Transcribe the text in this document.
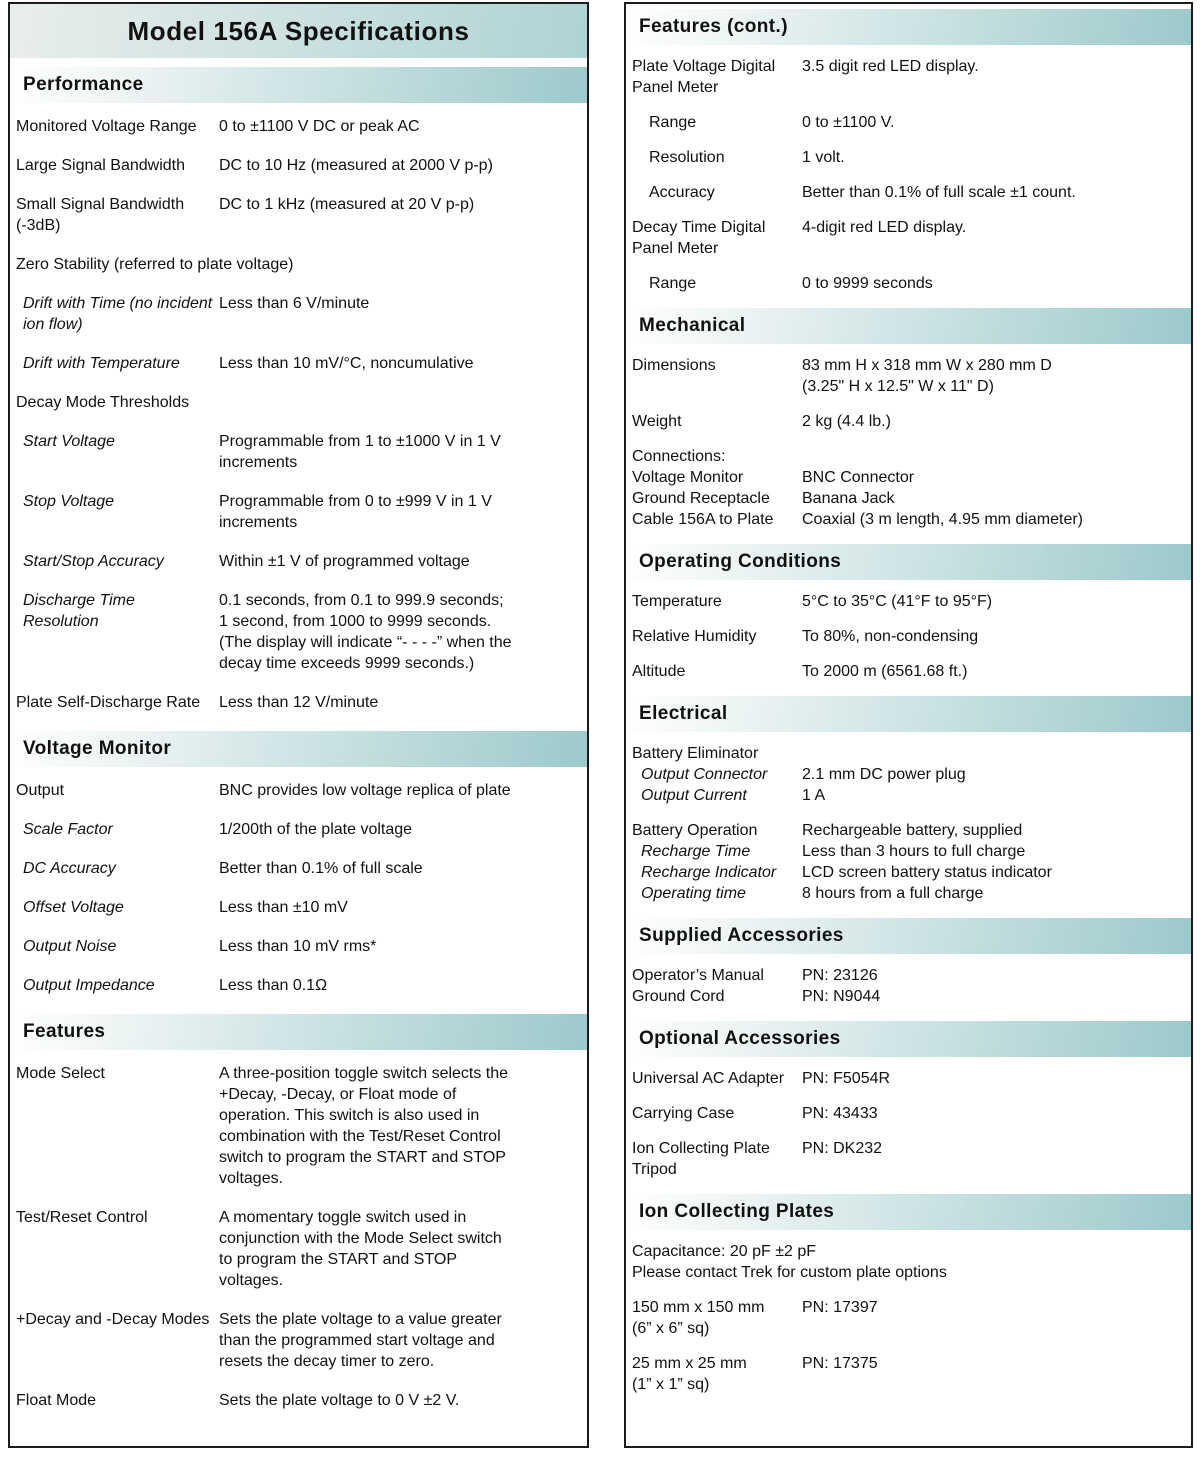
Model 156A Specifications
Performance
Monitored Voltage Range	0 to ±1100 V DC or peak AC
Large Signal Bandwidth	DC to 10 Hz (measured at 2000 V p-p)
Small Signal Bandwidth
(-3dB)
DC to 1 kHz (measured at 20 V p-p)
Zero Stability (referred to plate voltage)
Drift with Time (no incident
ion flow)
Less than 6 V/minute
Drift with Temperature	Less than 10 mV/°C, noncumulative
Decay Mode Thresholds
Start Voltage	Programmable from 1 to ±1000 V in 1 V
increments
Stop Voltage	Programmable from 0 to ±999 V in 1 V
increments
Start/Stop Accuracy	Within ±1 V of programmed voltage
Discharge Time
Resolution
0.1 seconds, from 0.1 to 999.9 seconds;
1 second, from 1000 to 9999 seconds.
(The display will indicate “- - - -” when the
decay time exceeds 9999 seconds.)
Plate Self-Discharge Rate	Less than 12 V/minute
Voltage Monitor
Output	BNC provides low voltage replica of plate
Scale Factor	1/200th of the plate voltage
DC Accuracy	Better than 0.1% of full scale
Offset Voltage	Less than ±10 mV
Output Noise	Less than 10 mV rms*
Output Impedance	Less than 0.1Ω
Features
Mode Select	A three-position toggle switch selects the
+Decay, -Decay, or Float mode of
operation. This switch is also used in
combination with the Test/Reset Control
switch to program the START and STOP
voltages.
Test/Reset Control	A momentary toggle switch used in
conjunction with the Mode Select switch
to program the START and STOP
voltages.
+Decay and -Decay Modes Sets the plate voltage to a value greater
than the programmed start voltage and
resets the decay timer to zero.
Float Mode	Sets the plate voltage to 0 V ±2 V.
Features (cont.)
Plate Voltage Digital
Panel Meter
3.5 digit red LED display.
Range	0 to ±1100 V.
Resolution	1 volt.
Accuracy	Better than 0.1% of full scale ±1 count.
Decay Time Digital
Panel Meter
4-digit red LED display.
Range	0 to 9999 seconds
Mechanical
Dimensions	83 mm H x 318 mm W x 280 mm D
(3.25" H x 12.5" W x 11" D)
Weight	2 kg (4.4 lb.)
Connections:
Voltage Monitor	BNC Connector
Ground Receptacle	Banana Jack
Cable 156A to Plate	Coaxial (3 m length, 4.95 mm diameter)
Operating Conditions
Temperature	5°C to 35°C (41°F to 95°F)
Relative Humidity	To 80%, non-condensing
Altitude	To 2000 m (6561.68 ft.)
Electrical
Battery Eliminator
Output Connector	2.1 mm DC power plug
Output Current	1 A
Battery Operation	Rechargeable battery, supplied
Recharge Time	Less than 3 hours to full charge
Recharge Indicator	LCD screen battery status indicator
Operating time	8 hours from a full charge
Supplied Accessories
Operator’s Manual	PN: 23126
Ground Cord	PN: N9044
Optional Accessories
Universal AC Adapter	PN: F5054R
Carrying Case	PN: 43433
Ion Collecting Plate
Tripod
PN: DK232
Ion Collecting Plates
Capacitance: 20 pF ±2 pF
Please contact Trek for custom plate options
150 mm x 150 mm
(6” x 6” sq)
PN: 17397
25 mm x 25 mm
(1” x 1” sq)
PN: 17375
